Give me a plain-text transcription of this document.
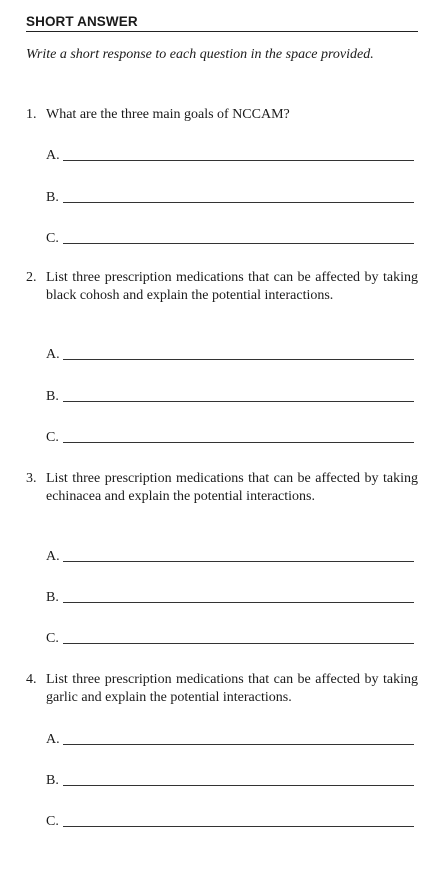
SHORT ANSWER
Write a short response to each question in the space provided.
1. What are the three main goals of NCCAM?
A.
B.
C.
2. List three prescription medications that can be affected by taking black cohosh and explain the potential interactions.
A.
B.
C.
3. List three prescription medications that can be affected by taking echinacea and explain the potential interactions.
A.
B.
C.
4. List three prescription medications that can be affected by taking garlic and explain the potential interactions.
A.
B.
C.
